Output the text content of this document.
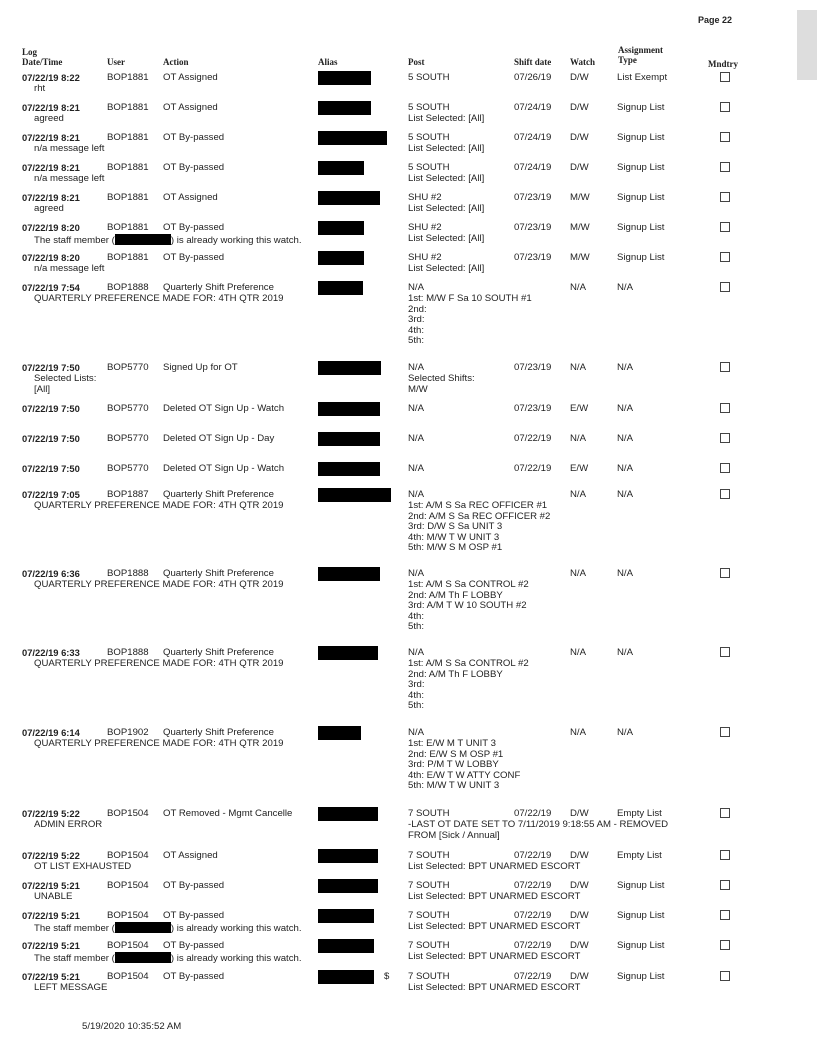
Page 22
Log
Date/Time	User	Action	Alias	Post	Shift date Watch
Assignment
Type	Mndtry
07/22/19 8:22	BOP1881 OT Assigned	5 SOUTH	07/26/19 D/W	List Exempt
rht
07/22/19 8:21	BOP1881 OT Assigned	5 SOUTH	07/24/19 D/W	Signup List
agreed	List Selected: [All]
07/22/19 8:21	BOP1881 OT By-passed	5 SOUTH	07/24/19 D/W	Signup List
n/a message left	List Selected: [All]
07/22/19 8:21	BOP1881 OT By-passed	5 SOUTH	07/24/19 D/W	Signup List
n/a message left	List Selected: [All]
07/22/19 8:21	BOP1881 OT Assigned	SHU #2	07/23/19 M/W	Signup List
agreed	List Selected: [All]
07/22/19 8:20	BOP1881 OT By-passed	SHU #2	07/23/19 M/W	Signup List
The staff member (	) is already working this watch.	List Selected: [All]
07/22/19 8:20	BOP1881 OT By-passed	SHU #2	07/23/19 M/W	Signup List
n/a message left	List Selected: [All]
07/22/19 7:54	BOP1888 Quarterly Shift Preference	N/A	N/A	N/A
QUARTERLY PREFERENCE MADE FOR: 4TH QTR 2019	1st: M/W F Sa 10 SOUTH #1
2nd:
3rd:
4th:
5th:
07/22/19 7:50	BOP5770 Signed Up for OT	N/A	07/23/19 N/A	N/A
Selected Lists:
[All]
Selected Shifts:
M/W
07/22/19 7:50	BOP5770 Deleted OT Sign Up - Watch	N/A	07/23/19 E/W	N/A
07/22/19 7:50	BOP5770 Deleted OT Sign Up - Day	N/A	07/22/19 N/A	N/A
07/22/19 7:50	BOP5770 Deleted OT Sign Up - Watch	N/A	07/22/19 E/W	N/A
07/22/19 7:05	BOP1887 Quarterly Shift Preference	N/A	N/A	N/A
QUARTERLY PREFERENCE MADE FOR: 4TH QTR 2019	1st: A/M S Sa REC OFFICER #1
2nd: A/M S Sa REC OFFICER #2
3rd: D/W S Sa UNIT 3
4th: M/W T W UNIT 3
5th: M/W S M OSP #1
07/22/19 6:36	BOP1888 Quarterly Shift Preference	N/A	N/A	N/A
QUARTERLY PREFERENCE MADE FOR: 4TH QTR 2019	1st: A/M S Sa CONTROL #2
2nd: A/M Th F LOBBY
3rd: A/M T W 10 SOUTH #2
4th:
5th:
07/22/19 6:33	BOP1888 Quarterly Shift Preference	N/A	N/A	N/A
QUARTERLY PREFERENCE MADE FOR: 4TH QTR 2019	1st: A/M S Sa CONTROL #2
2nd: A/M Th F LOBBY
3rd:
4th:
5th:
07/22/19 6:14	BOP1902 Quarterly Shift Preference	N/A	N/A	N/A
QUARTERLY PREFERENCE MADE FOR: 4TH QTR 2019	1st: E/W M T UNIT 3
2nd: E/W S M OSP #1
3rd: P/M T W LOBBY
4th: E/W T W ATTY CONF
5th: M/W T W UNIT 3
07/22/19 5:22	BOP1504 OT Removed - Mgmt Cancelle	7 SOUTH	07/22/19 D/W	Empty List
ADMIN ERROR	-LAST OT DATE SET TO 7/11/2019 9:18:55 AM - REMOVED
FROM [Sick / Annual]
07/22/19 5:22	BOP1504 OT Assigned	7 SOUTH	07/22/19 D/W	Empty List
OT LIST EXHAUSTED	List Selected: BPT UNARMED ESCORT
07/22/19 5:21	BOP1504 OT By-passed	7 SOUTH	07/22/19 D/W	Signup List
UNABLE	List Selected: BPT UNARMED ESCORT
07/22/19 5:21	BOP1504 OT By-passed	7 SOUTH	07/22/19 D/W	Signup List
The staff member (	) is already working this watch.	List Selected: BPT UNARMED ESCORT
07/22/19 5:21	BOP1504 OT By-passed	7 SOUTH	07/22/19 D/W	Signup List
The staff member (	) is already working this watch.	List Selected: BPT UNARMED ESCORT
07/22/19 5:21	BOP1504 OT By-passed	$ 7 SOUTH	07/22/19 D/W	Signup List
LEFT MESSAGE	List Selected: BPT UNARMED ESCORT
5/19/2020 10:35:52 AM
